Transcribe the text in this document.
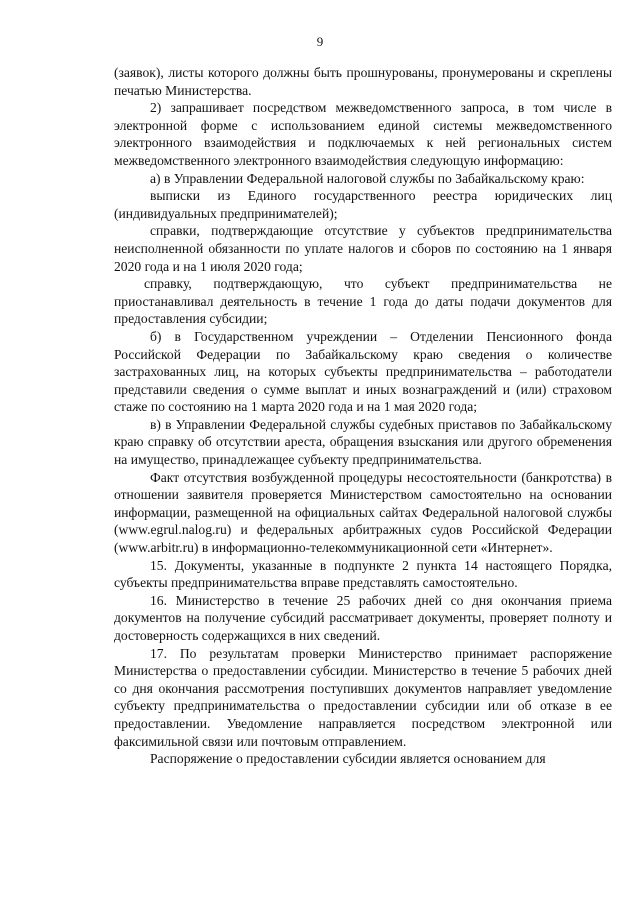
9

(заявок), листы которого должны быть прошнурованы, пронумерованы и скреплены печатью Министерства.

2) запрашивает посредством межведомственного запроса, в том числе в электронной форме с использованием единой системы межведомственного электронного взаимодействия и подключаемых к ней региональных систем межведомственного электронного взаимодействия следующую информацию:

а) в Управлении Федеральной налоговой службы по Забайкальскому краю:

выписки из Единого государственного реестра юридических лиц (индивидуальных предпринимателей);

справки, подтверждающие отсутствие у субъектов предпринимательства неисполненной обязанности по уплате налогов и сборов по состоянию на 1 января 2020 года и на 1 июля 2020 года;

справку, подтверждающую, что субъект предпринимательства не приостанавливал деятельность в течение 1 года до даты подачи документов для предоставления субсидии;

б) в Государственном учреждении – Отделении Пенсионного фонда Российской Федерации по Забайкальскому краю сведения о количестве застрахованных лиц, на которых субъекты предпринимательства – работодатели представили сведения о сумме выплат и иных вознаграждений и (или) страховом стаже по состоянию на 1 марта 2020 года и на 1 мая 2020 года;

в) в Управлении Федеральной службы судебных приставов по Забайкальскому краю справку об отсутствии ареста, обращения взыскания или другого обременения на имущество, принадлежащее субъекту предпринимательства.

Факт отсутствия возбужденной процедуры несостоятельности (банкротства) в отношении заявителя проверяется Министерством самостоятельно на основании информации, размещенной на официальных сайтах Федеральной налоговой службы (www.egrul.nalog.ru) и федеральных арбитражных судов Российской Федерации (www.arbitr.ru) в информационно-телекоммуникационной сети «Интернет».

15. Документы, указанные в подпункте 2 пункта 14 настоящего Порядка, субъекты предпринимательства вправе представлять самостоятельно.

16. Министерство в течение 25 рабочих дней со дня окончания приема документов на получение субсидий рассматривает документы, проверяет полноту и достоверность содержащихся в них сведений.

17. По результатам проверки Министерство принимает распоряжение Министерства о предоставлении субсидии. Министерство в течение 5 рабочих дней со дня окончания рассмотрения поступивших документов направляет уведомление субъекту предпринимательства о предоставлении субсидии или об отказе в ее предоставлении. Уведомление направляется посредством электронной или факсимильной связи или почтовым отправлением.

Распоряжение о предоставлении субсидии является основанием для
